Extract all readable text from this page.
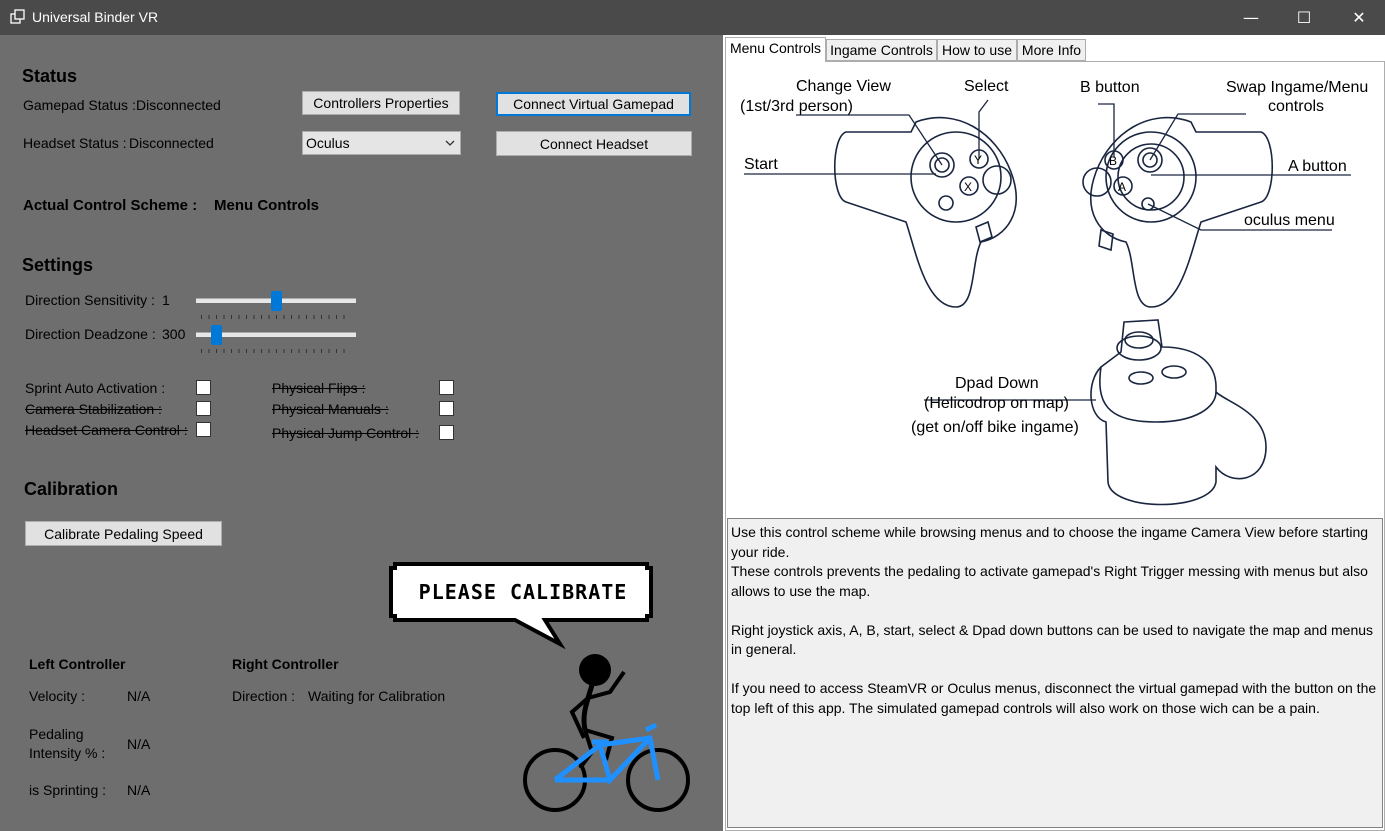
Universal Binder VR	—	☐	✕
Status
Gamepad Status : Disconnected
Headset Status : Disconnected
Controllers Properties	Connect Virtual Gamepad
Oculus	Connect Headset
Actual Control Scheme : Menu Controls
Settings
Direction Sensitivity : 1
Direction Deadzone : 300
Sprint Auto Activation :
Camera Stabilization :
Headset Camera Control :
Physical Flips :
Physical Manuals :
Physical Jump Control :
Calibration
Calibrate Pedaling Speed
PLEASE CALIBRATE
Left Controller
Velocity :	N/A
Pedaling
Intensity % :
N/A
is Sprinting : N/A
Right Controller
Direction : Waiting for Calibration
Menu Controls Ingame Controls How to use More Info
Change View
(1st/3rd person)
Select
Start
B button	Swap Ingame/Menu
controls
A button
oculus menu
Dpad Down
(Helicodrop on map)
(get on/off bike ingame)
Y
X
B
A

Use this control scheme while browsing menus and to choose the ingame Camera View before starting your ride.
These controls prevents the pedaling to activate gamepad's Right Trigger messing with menus but also allows to use the map.

Right joystick axis, A, B, start, select & Dpad down buttons can be used to navigate the map and menus in general.

If you need to access SteamVR or Oculus menus, disconnect the virtual gamepad with the button on the top left of this app. The simulated gamepad controls will also work on those wich can be a pain.
